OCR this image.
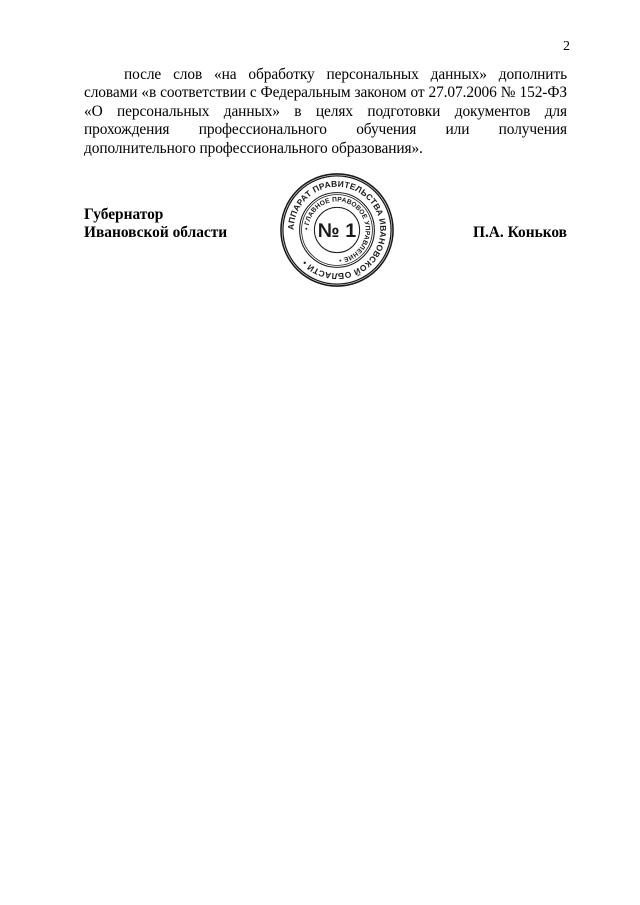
2

после слов «на обработку персональных данных» дополнить словами «в соответствии с Федеральным законом от 27.07.2006 № 152-ФЗ «О персональных данных» в целях подготовки документов для прохождения профессионального обучения или получения дополнительного профессионального образования».

Губернатор
Ивановской области	П.А. Коньков
АППАРАТ ПРАВИТЕЛЬСТВА ИВАНОВСКОЙ ОБЛАСТИ •
• ГЛАВНОЕ ПРАВОВОЕ УПРАВЛЕНИЕ •
№ 1
